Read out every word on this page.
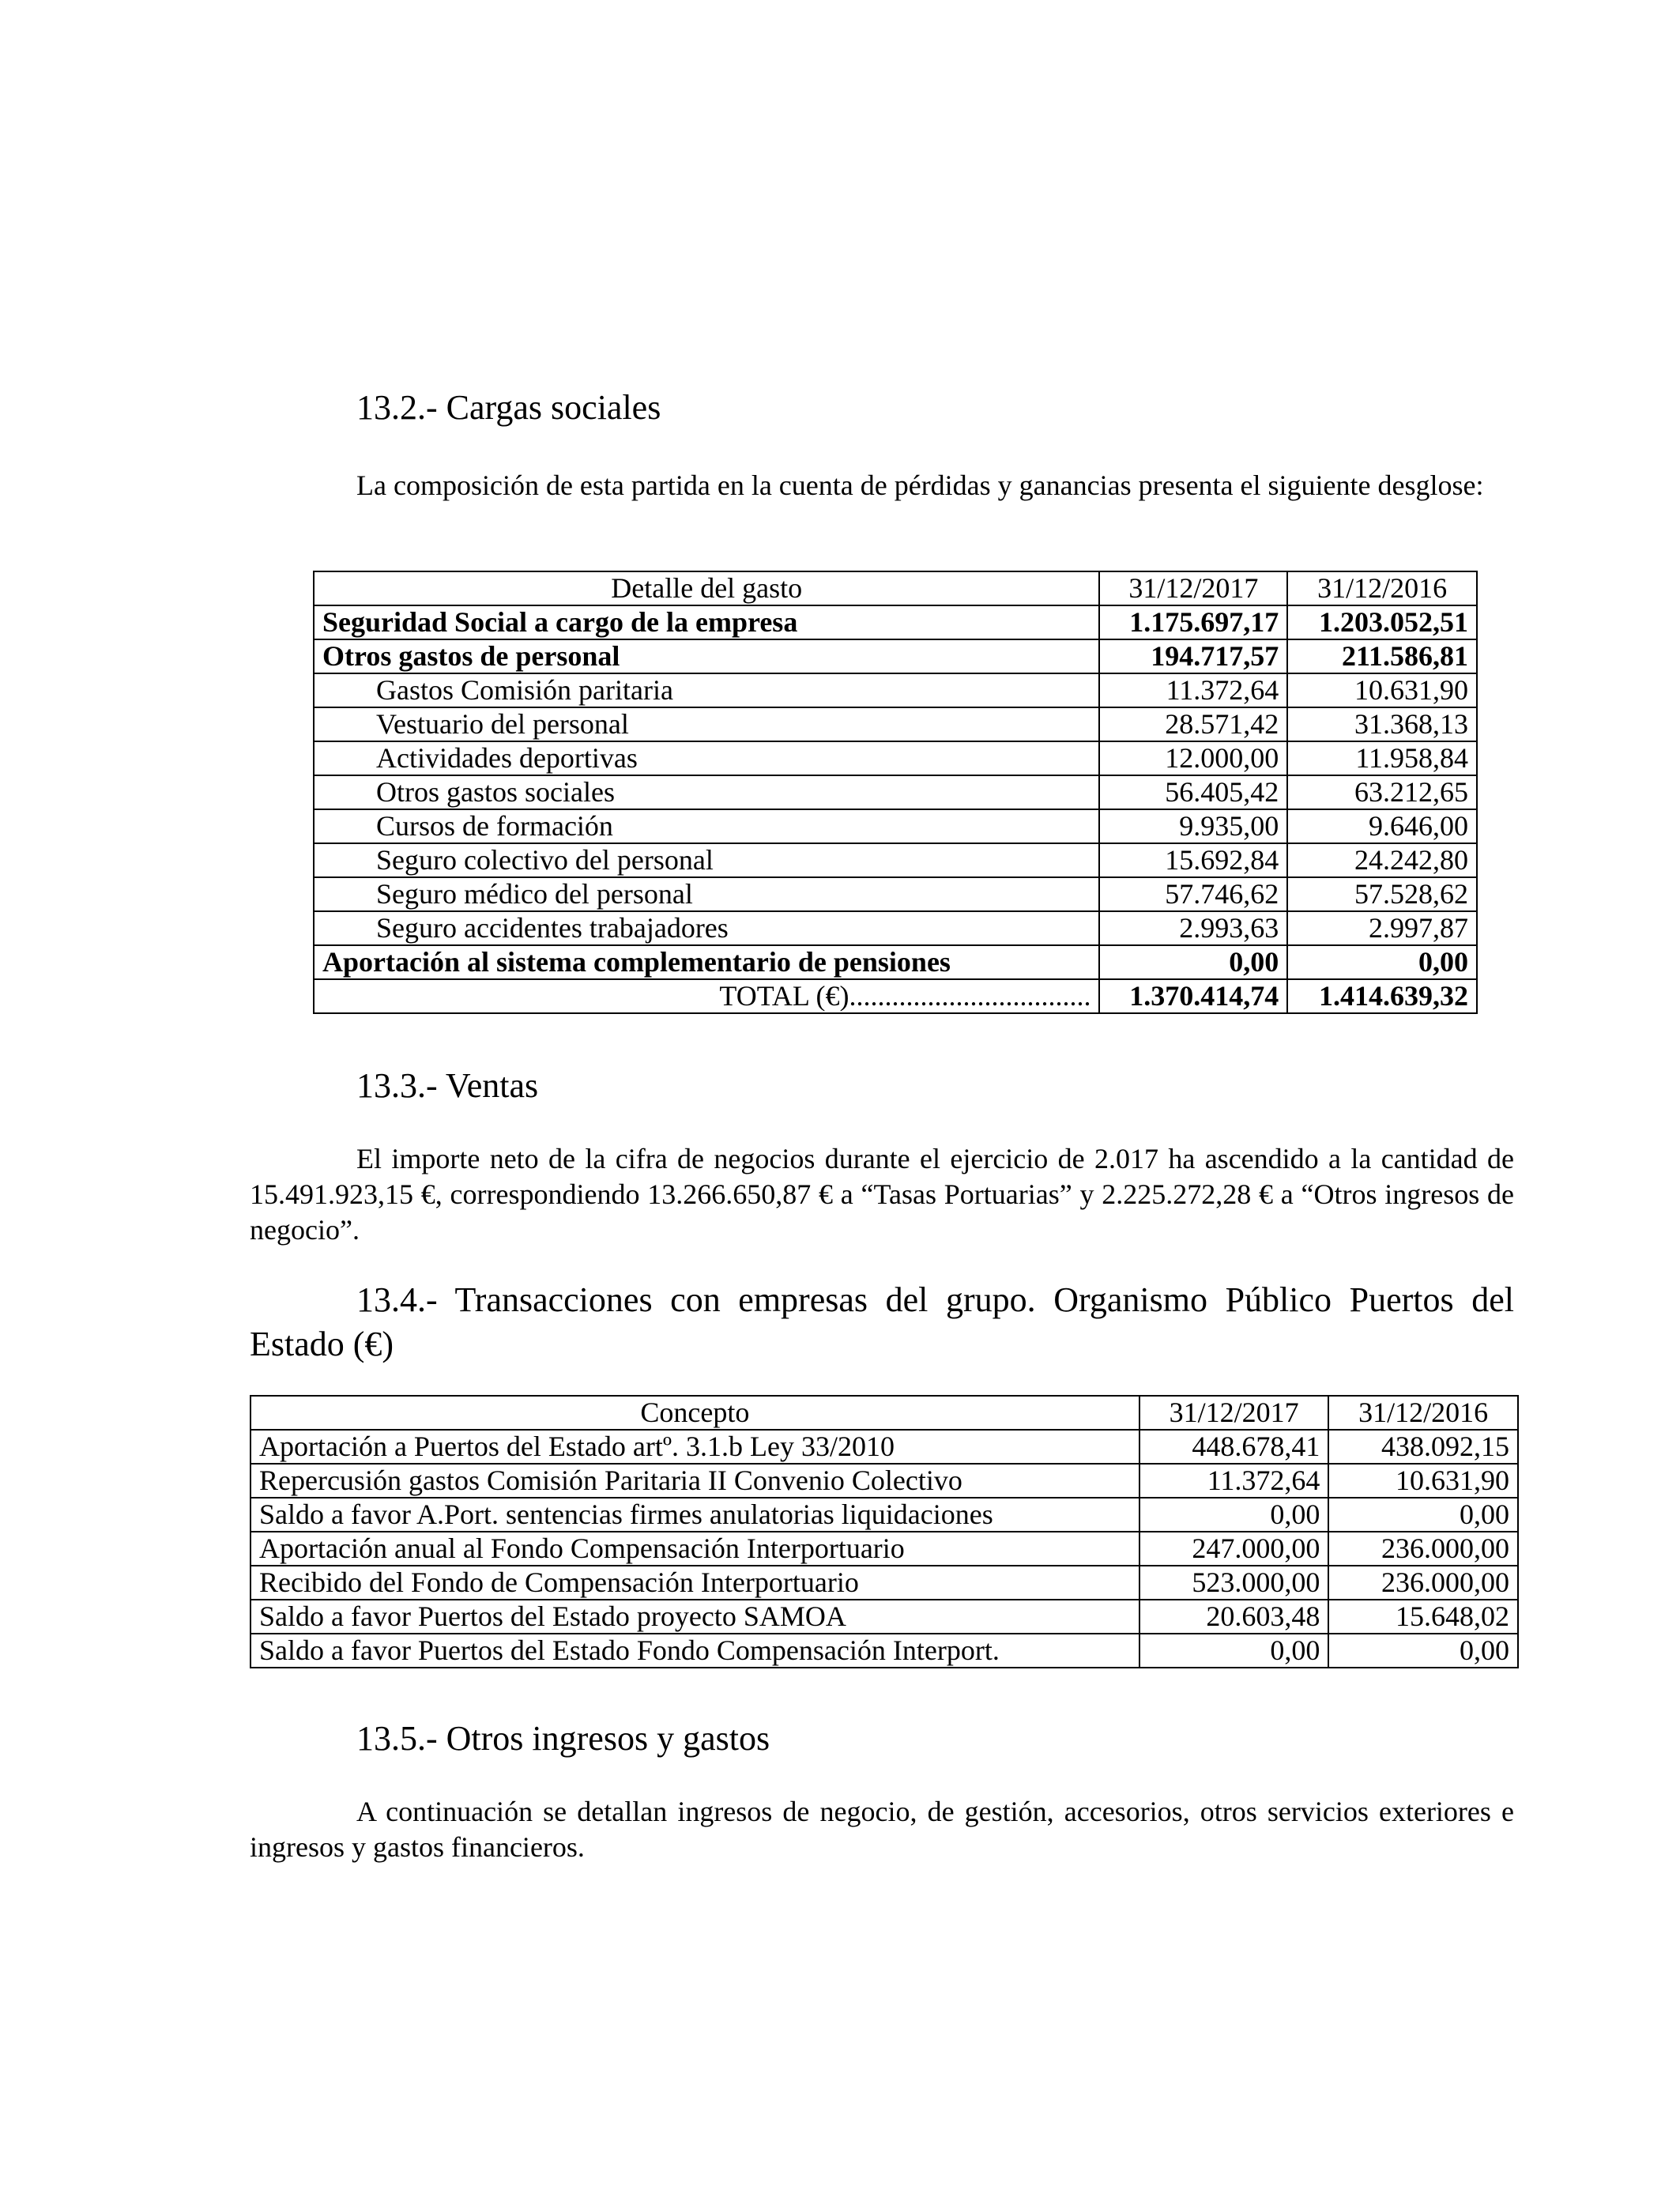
13.2.- Cargas sociales

La composición de esta partida en la cuenta de pérdidas y ganancias presenta el siguiente desglose:

Detalle del gasto	31/12/2017	31/12/2016
Seguridad Social a cargo de la empresa	1.175.697,17	1.203.052,51
Otros gastos de personal	194.717,57	211.586,81
Gastos Comisión paritaria	11.372,64	10.631,90
Vestuario del personal	28.571,42	31.368,13
Actividades deportivas	12.000,00	11.958,84
Otros gastos sociales	56.405,42	63.212,65
Cursos de formación	9.935,00	9.646,00
Seguro colectivo del personal	15.692,84	24.242,80
Seguro médico del personal	57.746,62	57.528,62
Seguro accidentes trabajadores	2.993,63	2.997,87
Aportación al sistema complementario de pensiones	0,00	0,00
TOTAL (€)..................................	1.370.414,74	1.414.639,32
13.3.- Ventas

El importe neto de la cifra de negocios durante el ejercicio de 2.017 ha ascendido a la cantidad de 15.491.923,15 €, correspondiendo 13.266.650,87 € a “Tasas Portuarias” y 2.225.272,28 € a “Otros ingresos de negocio”.

13.4.- Transacciones con empresas del grupo. Organismo Público Puertos del Estado (€)
Concepto	31/12/2017	31/12/2016
Aportación a Puertos del Estado artº. 3.1.b Ley 33/2010	448.678,41	438.092,15
Repercusión gastos Comisión Paritaria II Convenio Colectivo	11.372,64	10.631,90
Saldo a favor A.Port. sentencias firmes anulatorias liquidaciones	0,00	0,00
Aportación anual al Fondo Compensación Interportuario	247.000,00	236.000,00
Recibido del Fondo de Compensación Interportuario	523.000,00	236.000,00
Saldo a favor Puertos del Estado proyecto SAMOA	20.603,48	15.648,02
Saldo a favor Puertos del Estado Fondo Compensación Interport.	0,00	0,00
13.5.- Otros ingresos y gastos

A continuación se detallan ingresos de negocio, de gestión, accesorios, otros servicios exteriores e ingresos y gastos financieros.
